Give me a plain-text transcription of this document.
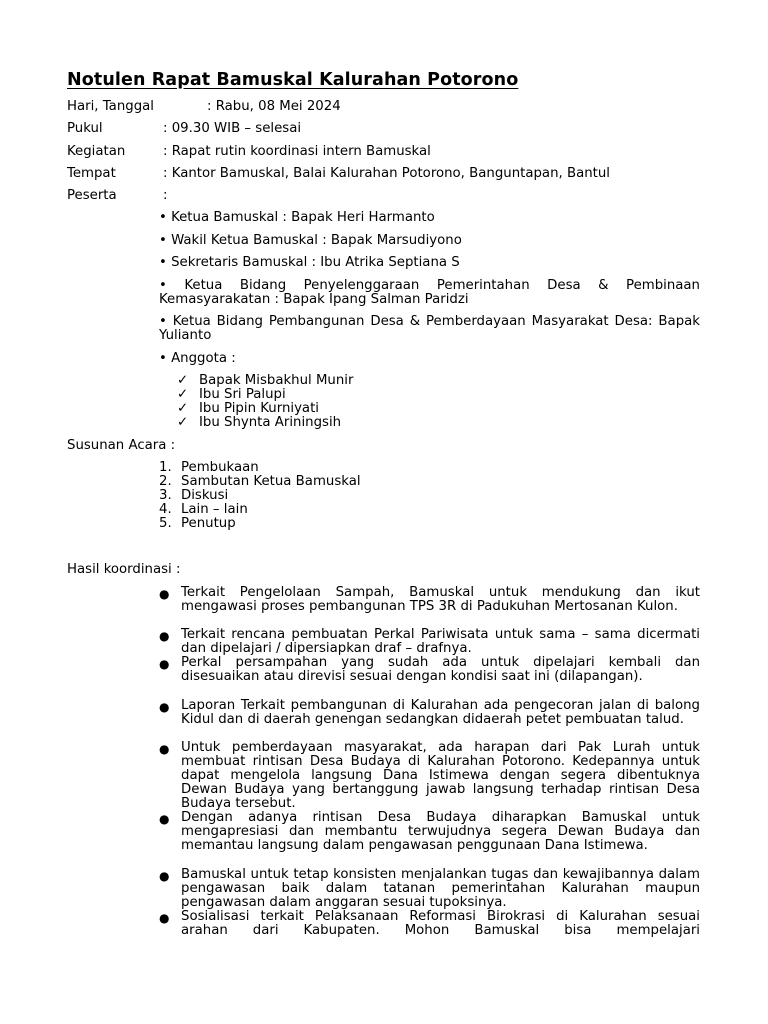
Notulen Rapat Bamuskal Kalurahan Potorono
Hari, Tanggal	: Rabu, 08 Mei 2024
Pukul	: 09.30 WIB – selesai
Kegiatan	: Rapat rutin koordinasi intern Bamuskal
Tempat	: Kantor Bamuskal, Balai Kalurahan Potorono, Banguntapan, Bantul
Peserta	:
• Ketua Bamuskal : Bapak Heri Harmanto
• Wakil Ketua Bamuskal : Bapak Marsudiyono
• Sekretaris Bamuskal : Ibu Atrika Septiana S
• Ketua Bidang Penyelenggaraan Pemerintahan Desa & Pembinaan Kemasyarakatan : Bapak Ipang Salman Paridzi
• Ketua Bidang Pembangunan Desa & Pemberdayaan Masyarakat Desa: Bapak Yulianto
• Anggota :
✓ Bapak Misbakhul Munir
✓ Ibu Sri Palupi
✓ Ibu Pipin Kurniyati
✓ Ibu Shynta Ariningsih
Susunan Acara :
1. Pembukaan
2. Sambutan Ketua Bamuskal
3. Diskusi
4. Lain – lain
5. Penutup
Hasil koordinasi :
● Terkait Pengelolaan Sampah, Bamuskal untuk mendukung dan ikut mengawasi proses pembangunan TPS 3R di Padukuhan Mertosanan Kulon.
● Terkait rencana pembuatan Perkal Pariwisata untuk sama – sama dicermati dan dipelajari / dipersiapkan draf – drafnya.
● Perkal persampahan yang sudah ada untuk dipelajari kembali dan disesuaikan atau direvisi sesuai dengan kondisi saat ini (dilapangan).
● Laporan Terkait pembangunan di Kalurahan ada pengecoran jalan di balong Kidul dan di daerah genengan sedangkan didaerah petet pembuatan talud.
● Untuk pemberdayaan masyarakat, ada harapan dari Pak Lurah untuk membuat rintisan Desa Budaya di Kalurahan Potorono. Kedepannya untuk dapat mengelola langsung Dana Istimewa dengan segera dibentuknya Dewan Budaya yang bertanggung jawab langsung terhadap rintisan Desa Budaya tersebut.
● Dengan adanya rintisan Desa Budaya diharapkan Bamuskal untuk mengapresiasi dan membantu terwujudnya segera Dewan Budaya dan memantau langsung dalam pengawasan penggunaan Dana Istimewa.
● Bamuskal untuk tetap konsisten menjalankan tugas dan kewajibannya dalam pengawasan baik dalam tatanan pemerintahan Kalurahan maupun pengawasan dalam anggaran sesuai tupoksinya.
● Sosialisasi terkait Pelaksanaan Reformasi Birokrasi di Kalurahan sesuai arahan dari Kabupaten. Mohon Bamuskal bisa mempelajari
